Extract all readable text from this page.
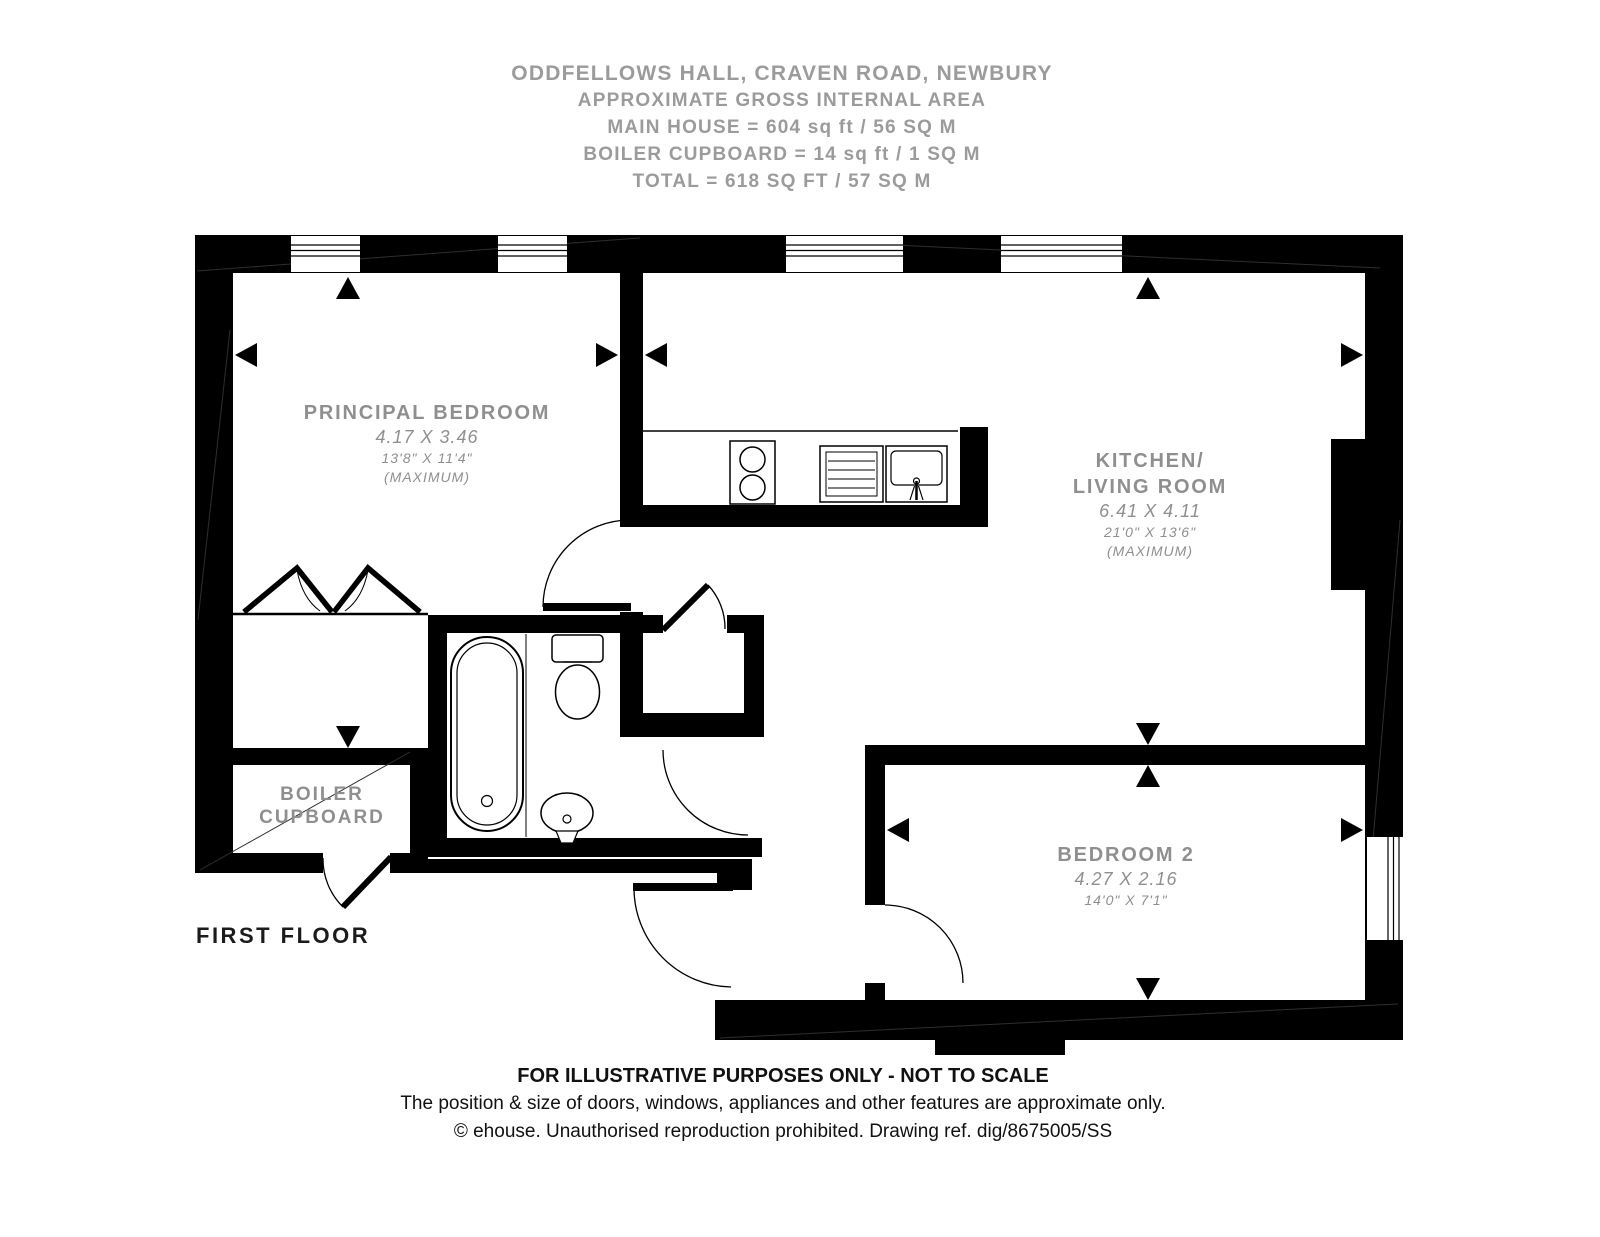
ODDFELLOWS HALL, CRAVEN ROAD, NEWBURY
APPROXIMATE GROSS INTERNAL AREA
MAIN HOUSE = 604 sq ft / 56 SQ M
BOILER CUPBOARD = 14 sq ft / 1 SQ M
TOTAL = 618 SQ FT / 57 SQ M
PRINCIPAL BEDROOM
4.17 X 3.46
13'8" X 11'4"
(MAXIMUM)
KITCHEN/
LIVING ROOM
6.41 X 4.11
21'0" X 13'6"
(MAXIMUM)
BEDROOM 2
4.27 X 2.16
14'0" X 7'1"
BOILER
CUPBOARD
FIRST FLOOR
FOR ILLUSTRATIVE PURPOSES ONLY - NOT TO SCALE
The position & size of doors, windows, appliances and other features are approximate only.
© ehouse. Unauthorised reproduction prohibited. Drawing ref. dig/8675005/SS
